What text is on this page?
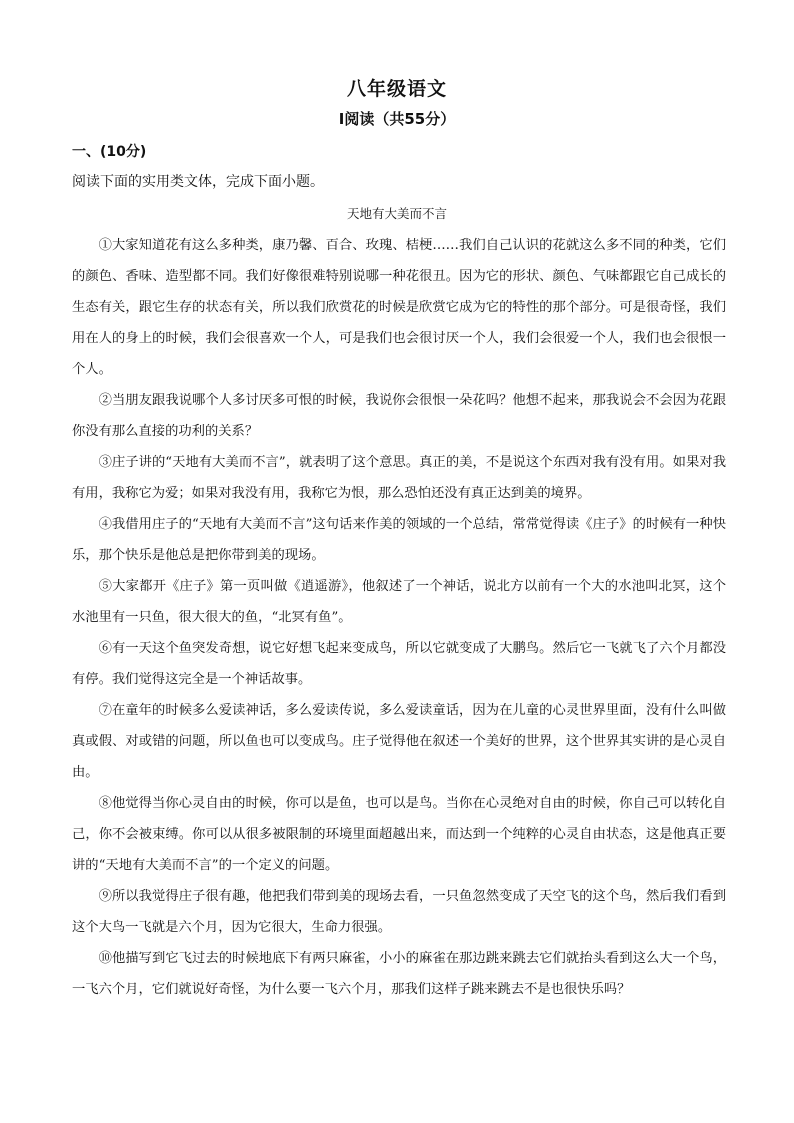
八年级语文
Ⅰ阅读（共55分）
一、(10分)
阅读下面的实用类文体，完成下面小题。
天地有大美而不言

①大家知道花有这么多种类，康乃馨、百合、玫瑰、桔梗……我们自己认识的花就这么多不同的种类，它们的颜色、香味、造型都不同。我们好像很难特别说哪一种花很丑。因为它的形状、颜色、气味都跟它自己成长的生态有关，跟它生存的状态有关，所以我们欣赏花的时候是欣赏它成为它的特性的那个部分。可是很奇怪，我们用在人的身上的时候，我们会很喜欢一个人，可是我们也会很讨厌一个人，我们会很爱一个人，我们也会很恨一个人。

②当朋友跟我说哪个人多讨厌多可恨的时候，我说你会很恨一朵花吗？他想不起来，那我说会不会因为花跟你没有那么直接的功利的关系？

③庄子讲的“天地有大美而不言”，就表明了这个意思。真正的美，不是说这个东西对我有没有用。如果对我有用，我称它为爱；如果对我没有用，我称它为恨，那么恐怕还没有真正达到美的境界。

④我借用庄子的“天地有大美而不言”这句话来作美的领域的一个总结，常常觉得读《庄子》的时候有一种快乐，那个快乐是他总是把你带到美的现场。

⑤大家都开《庄子》第一页叫做《逍遥游》，他叙述了一个神话，说北方以前有一个大的水池叫北冥，这个水池里有一只鱼，很大很大的鱼，“北冥有鱼”。

⑥有一天这个鱼突发奇想，说它好想飞起来变成鸟，所以它就变成了大鹏鸟。然后它一飞就飞了六个月都没有停。我们觉得这完全是一个神话故事。

⑦在童年的时候多么爱读神话，多么爱读传说，多么爱读童话，因为在儿童的心灵世界里面，没有什么叫做真或假、对或错的问题，所以鱼也可以变成鸟。庄子觉得他在叙述一个美好的世界，这个世界其实讲的是心灵自由。

⑧他觉得当你心灵自由的时候，你可以是鱼，也可以是鸟。当你在心灵绝对自由的时候，你自己可以转化自己，你不会被束缚。你可以从很多被限制的环境里面超越出来，而达到一个纯粹的心灵自由状态，这是他真正要讲的“天地有大美而不言”的一个定义的问题。

⑨所以我觉得庄子很有趣，他把我们带到美的现场去看，一只鱼忽然变成了天空飞的这个鸟，然后我们看到这个大鸟一飞就是六个月，因为它很大，生命力很强。

⑩他描写到它飞过去的时候地底下有两只麻雀，小小的麻雀在那边跳来跳去它们就抬头看到这么大一个鸟，一飞六个月，它们就说好奇怪，为什么要一飞六个月，那我们这样子跳来跳去不是也很快乐吗？
